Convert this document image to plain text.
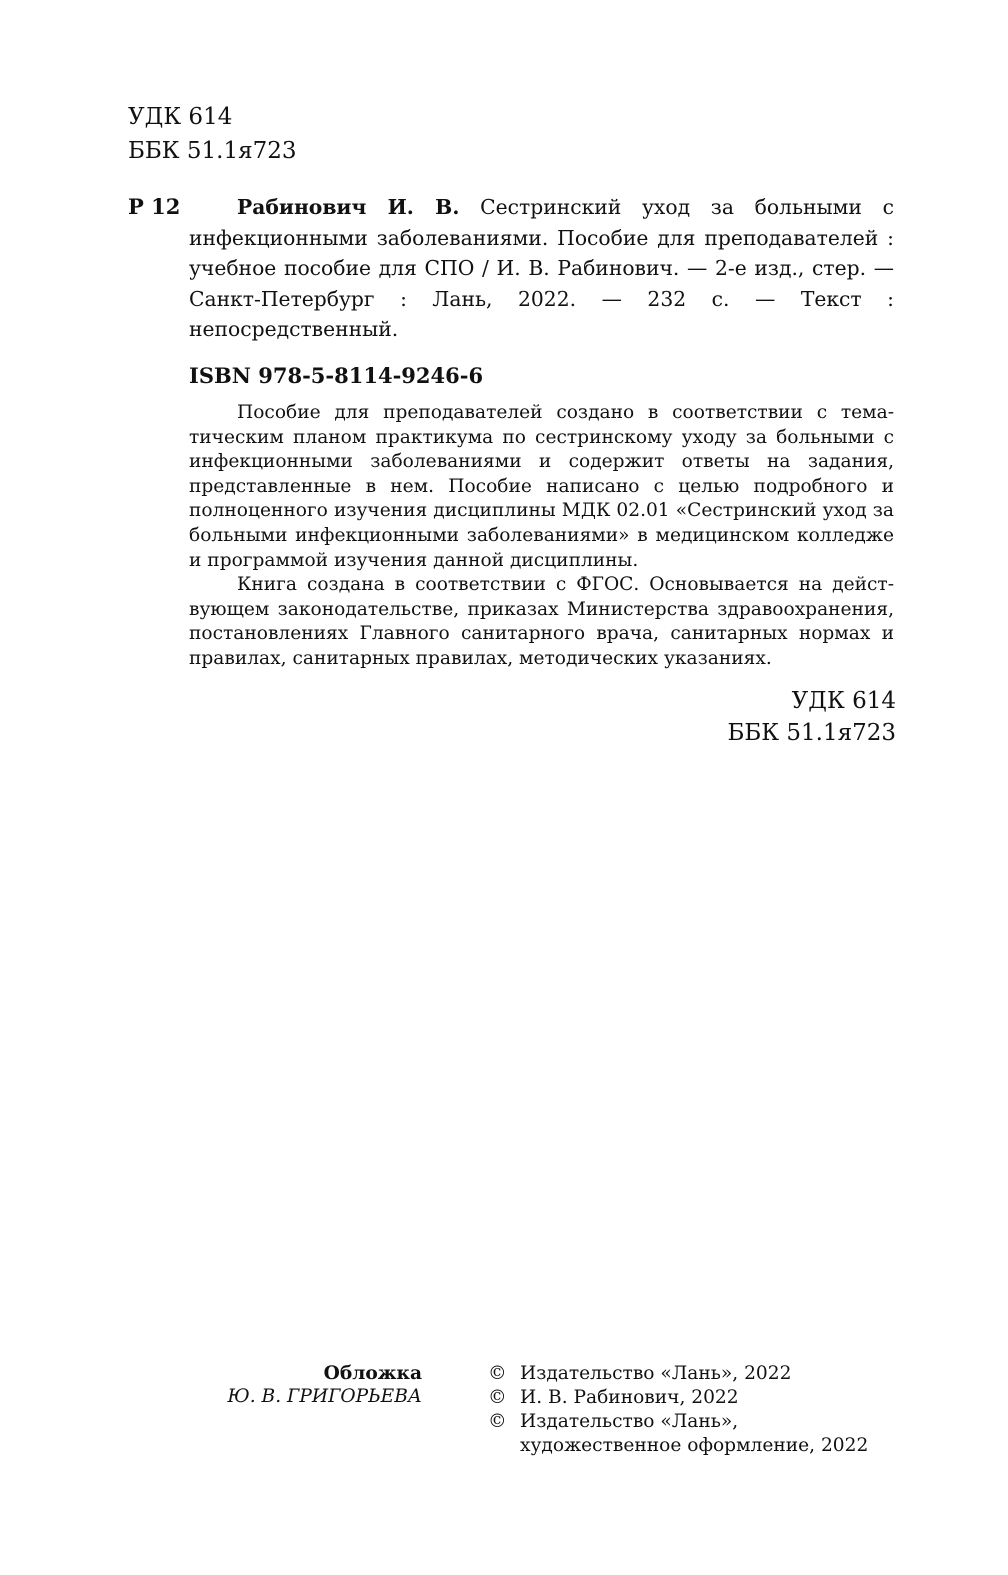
УДК 614
ББК 51.1я723
Р 12	Рабинович И. В. Сестринский уход за больными с инфекционными заболеваниями. Пособие для преподавателей : учебное пособие для СПО / И. В. Рабинович. — 2-е изд., стер. — Санкт-Петербург : Лань, 2022. — 232 с. — Текст : непосредственный.
ISBN 978-5-8114-9246-6

Пособие для преподавателей создано в соответствии с тематическим планом практикума по сестринскому уходу за больными с инфекционными заболеваниями и содержит ответы на задания, представленные в нем. Пособие написано с целью подробного и полноценного изучения дисциплины МДК 02.01 «Сестринский уход за больными инфекционными заболеваниями» в медицинском колледже и программой изучения данной дисциплины.

Книга создана в соответствии с ФГОС. Основывается на действующем законодательстве, приказах Министерства здравоохранения, постановлениях Главного санитарного врача, санитарных нормах и правилах, санитарных правилах, методических указаниях.

УДК 614
ББК 51.1я723
Обложка
Ю. В. ГРИГОРЬЕВА
© Издательство «Лань», 2022
© И. В. Рабинович, 2022
© Издательство «Лань»,
художественное оформление, 2022
